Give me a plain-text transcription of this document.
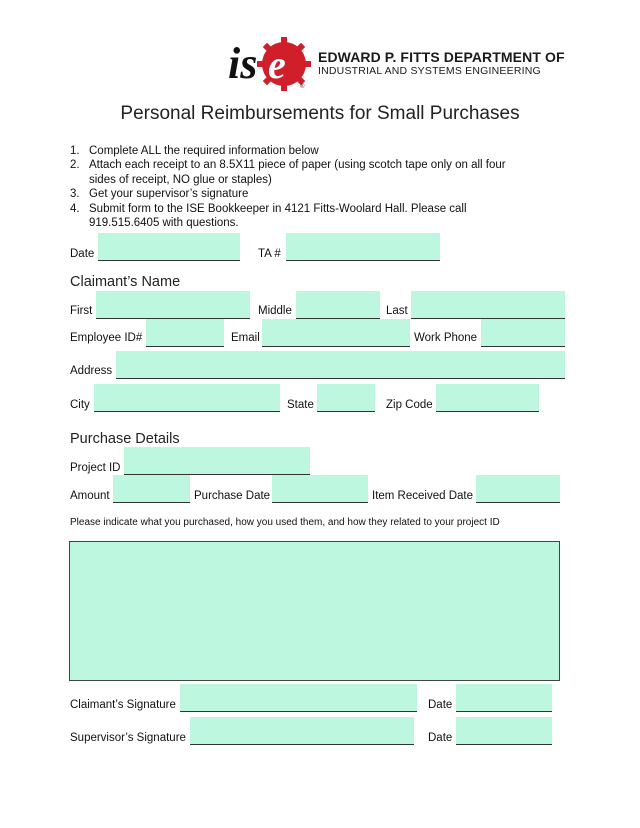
is e ®
EDWARD P. FITTS DEPARTMENT OF
INDUSTRIAL AND SYSTEMS ENGINEERING
Personal Reimbursements for Small Purchases
1. Complete ALL the required information below
2. Attach each receipt to an 8.5X11 piece of paper (using scotch tape only on all four sides of receipt, NO glue or staples)
3. Get your supervisor’s signature
4. Submit form to the ISE Bookkeeper in 4121 Fitts-Woolard Hall. Please call 919.515.6405 with questions.
Date	TA #
Claimant’s Name
First	Middle	Last
Employee ID#	Email	Work Phone
Address
City	State	Zip Code
Purchase Details
Project ID
Amount	Purchase Date	Item Received Date
Please indicate what you purchased, how you used them, and how they related to your project ID
Claimant’s Signature	Date
Supervisor’s Signature	Date
